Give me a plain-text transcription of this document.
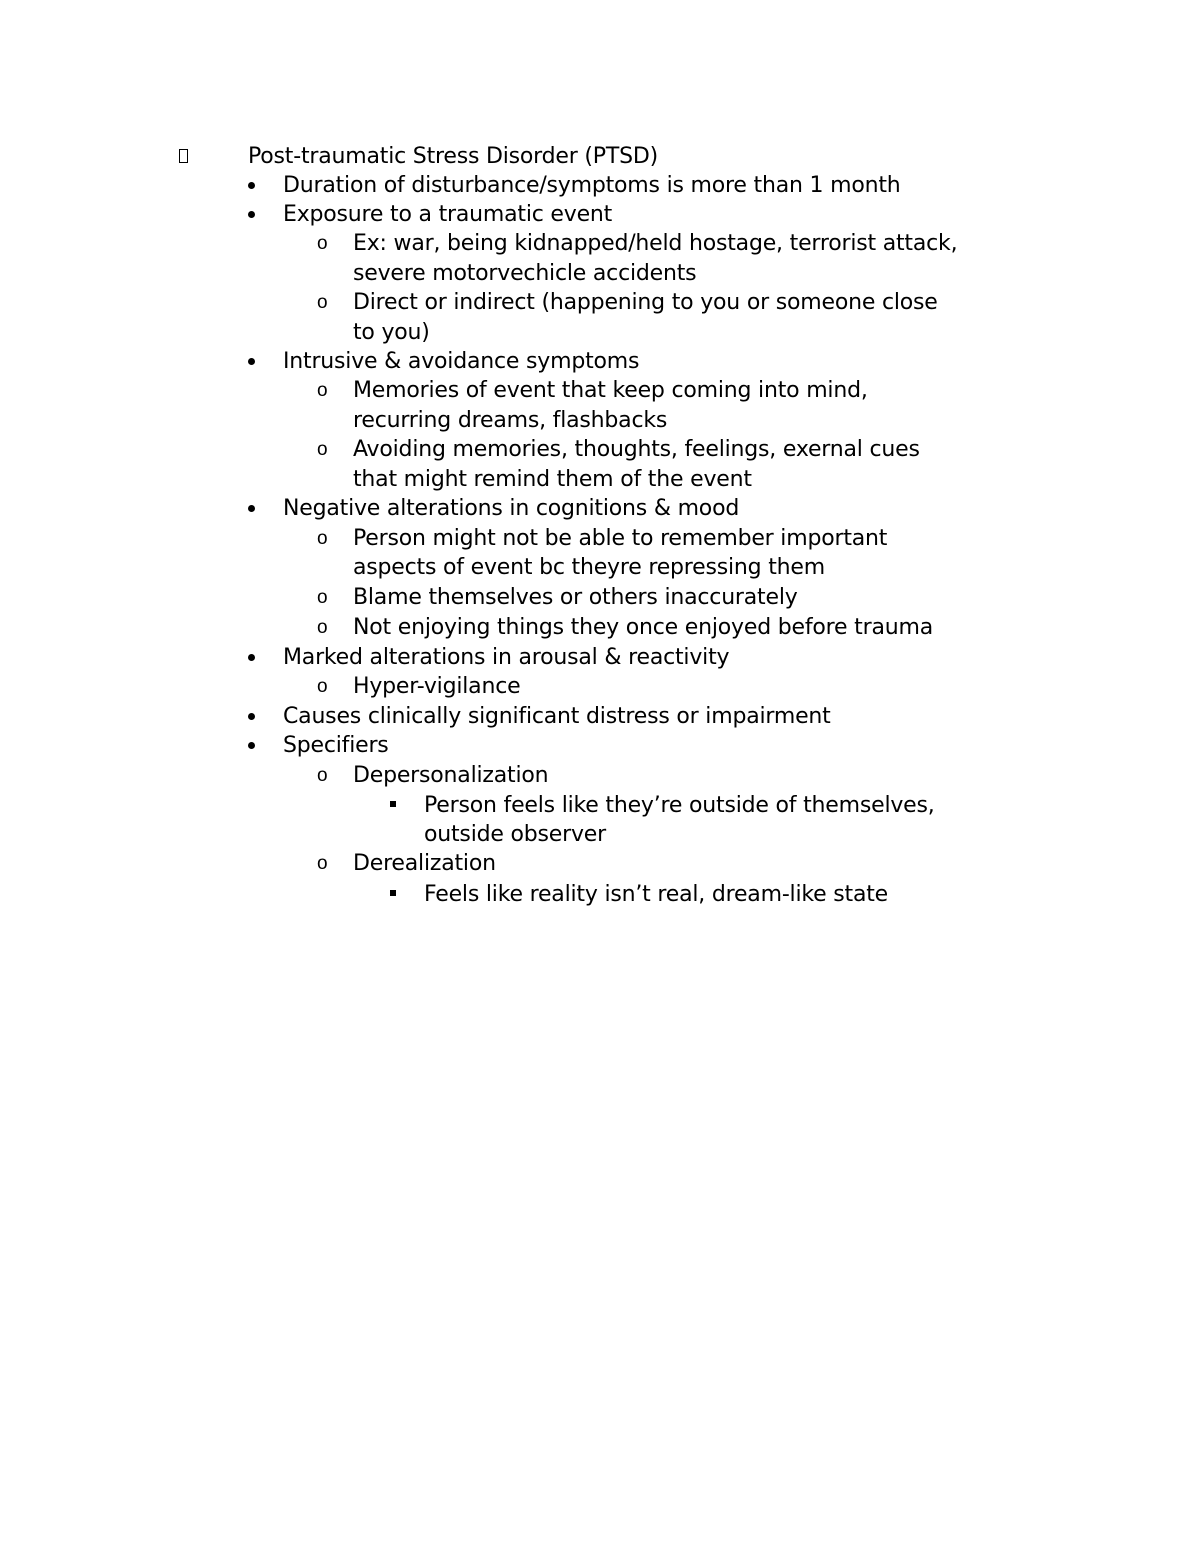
Post-traumatic Stress Disorder (PTSD)
Duration of disturbance/symptoms is more than 1 month
Exposure to a traumatic event
o Ex: war, being kidnapped/held hostage, terrorist attack,
severe motorvechicle accidents
o Direct or indirect (happening to you or someone close
to you)
Intrusive & avoidance symptoms
o Memories of event that keep coming into mind,
recurring dreams, flashbacks
o Avoiding memories, thoughts, feelings, exernal cues
that might remind them of the event
Negative alterations in cognitions & mood
o Person might not be able to remember important
aspects of event bc theyre repressing them
o Blame themselves or others inaccurately
o Not enjoying things they once enjoyed before trauma
Marked alterations in arousal & reactivity
o Hyper-vigilance
Causes clinically significant distress or impairment
Specifiers
o Depersonalization
Person feels like they’re outside of themselves,
outside observer
o Derealization
Feels like reality isn’t real, dream-like state
